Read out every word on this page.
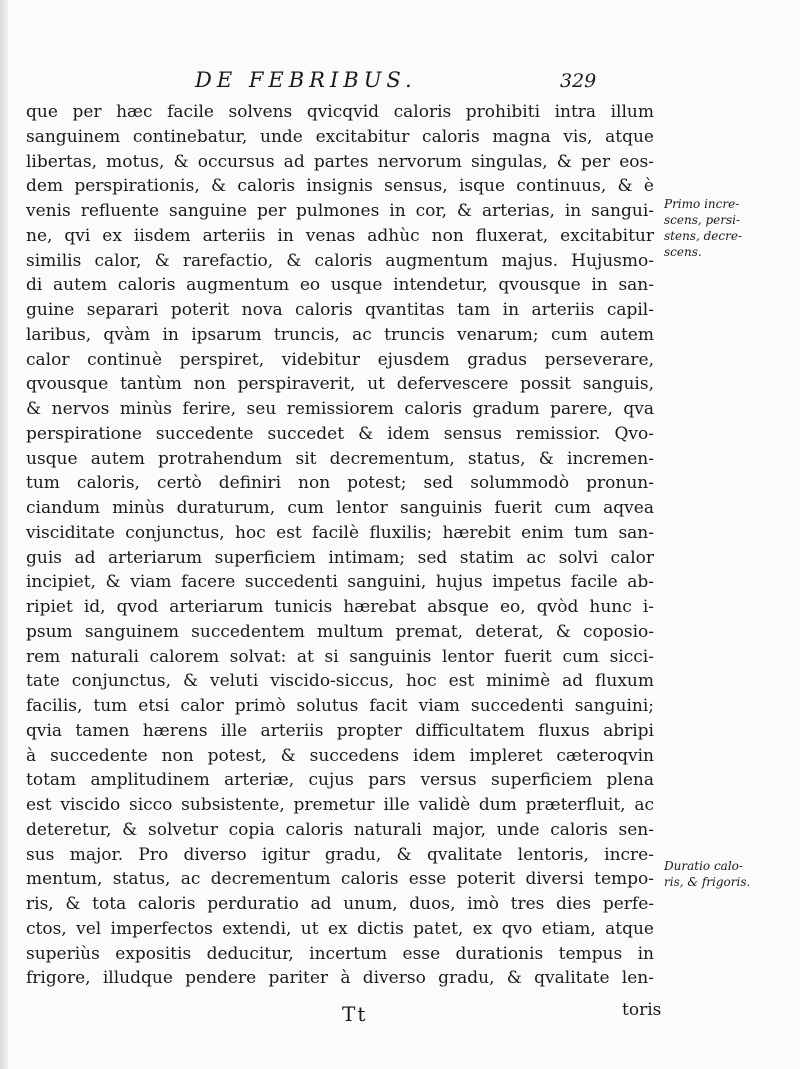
DE FEBRIBUS.	329
que per hæc facile solvens qvicqvid caloris prohibiti intra illum
sanguinem continebatur, unde excitabitur caloris magna vis, atque
libertas, motus, & occursus ad partes nervorum singulas, & per eos-
dem perspirationis, & caloris insignis sensus, isque continuus, & è
venis refluente sanguine per pulmones in cor, & arterias, in sangui-
ne, qvi ex iisdem arteriis in venas adhùc non fluxerat, excitabitur
similis calor, & rarefactio, & caloris augmentum majus. Hujusmo-
di autem caloris augmentum eo usque intendetur, qvousque in san-
guine separari poterit nova caloris qvantitas tam in arteriis capil-
laribus, qvàm in ipsarum truncis, ac truncis venarum; cum autem
calor continuè perspiret, videbitur ejusdem gradus perseverare,
qvousque tantùm non perspiraverit, ut defervescere possit sanguis,
& nervos minùs ferire, seu remissiorem caloris gradum parere, qva
perspiratione succedente succedet & idem sensus remissior. Qvo-
usque autem protrahendum sit decrementum, status, & incremen-
tum caloris, certò definiri non potest; sed solummodò pronun-
ciandum minùs duraturum, cum lentor sanguinis fuerit cum aqvea
visciditate conjunctus, hoc est facilè fluxilis; hærebit enim tum san-
guis ad arteriarum superficiem intimam; sed statim ac solvi calor
incipiet, & viam facere succedenti sanguini, hujus impetus facile ab-
ripiet id, qvod arteriarum tunicis hærebat absque eo, qvòd hunc i-
psum sanguinem succedentem multum premat, deterat, & coposio-
rem naturali calorem solvat: at si sanguinis lentor fuerit cum sicci-
tate conjunctus, & veluti viscido-siccus, hoc est minimè ad fluxum
facilis, tum etsi calor primò solutus facit viam succedenti sanguini;
qvia tamen hærens ille arteriis propter difficultatem fluxus abripi
à succedente non potest, & succedens idem impleret cæteroqvin
totam amplitudinem arteriæ, cujus pars versus superficiem plena
est viscido sicco subsistente, premetur ille validè dum præterfluit, ac
deteretur, & solvetur copia caloris naturali major, unde caloris sen-
sus major. Pro diverso igitur gradu, & qvalitate lentoris, incre-
mentum, status, ac decrementum caloris esse poterit diversi tempo-
ris, & tota caloris perduratio ad unum, duos, imò tres dies perfe-
ctos, vel imperfectos extendi, ut ex dictis patet, ex qvo etiam, atque
superiùs expositis deducitur, incertum esse durationis tempus in
frigore, illudque pendere pariter à diverso gradu, & qvalitate len-
Primo incre-
scens, persi-
stens, decre-
scens.
Duratio calo-
ris, & frigoris.
Tt	toris
